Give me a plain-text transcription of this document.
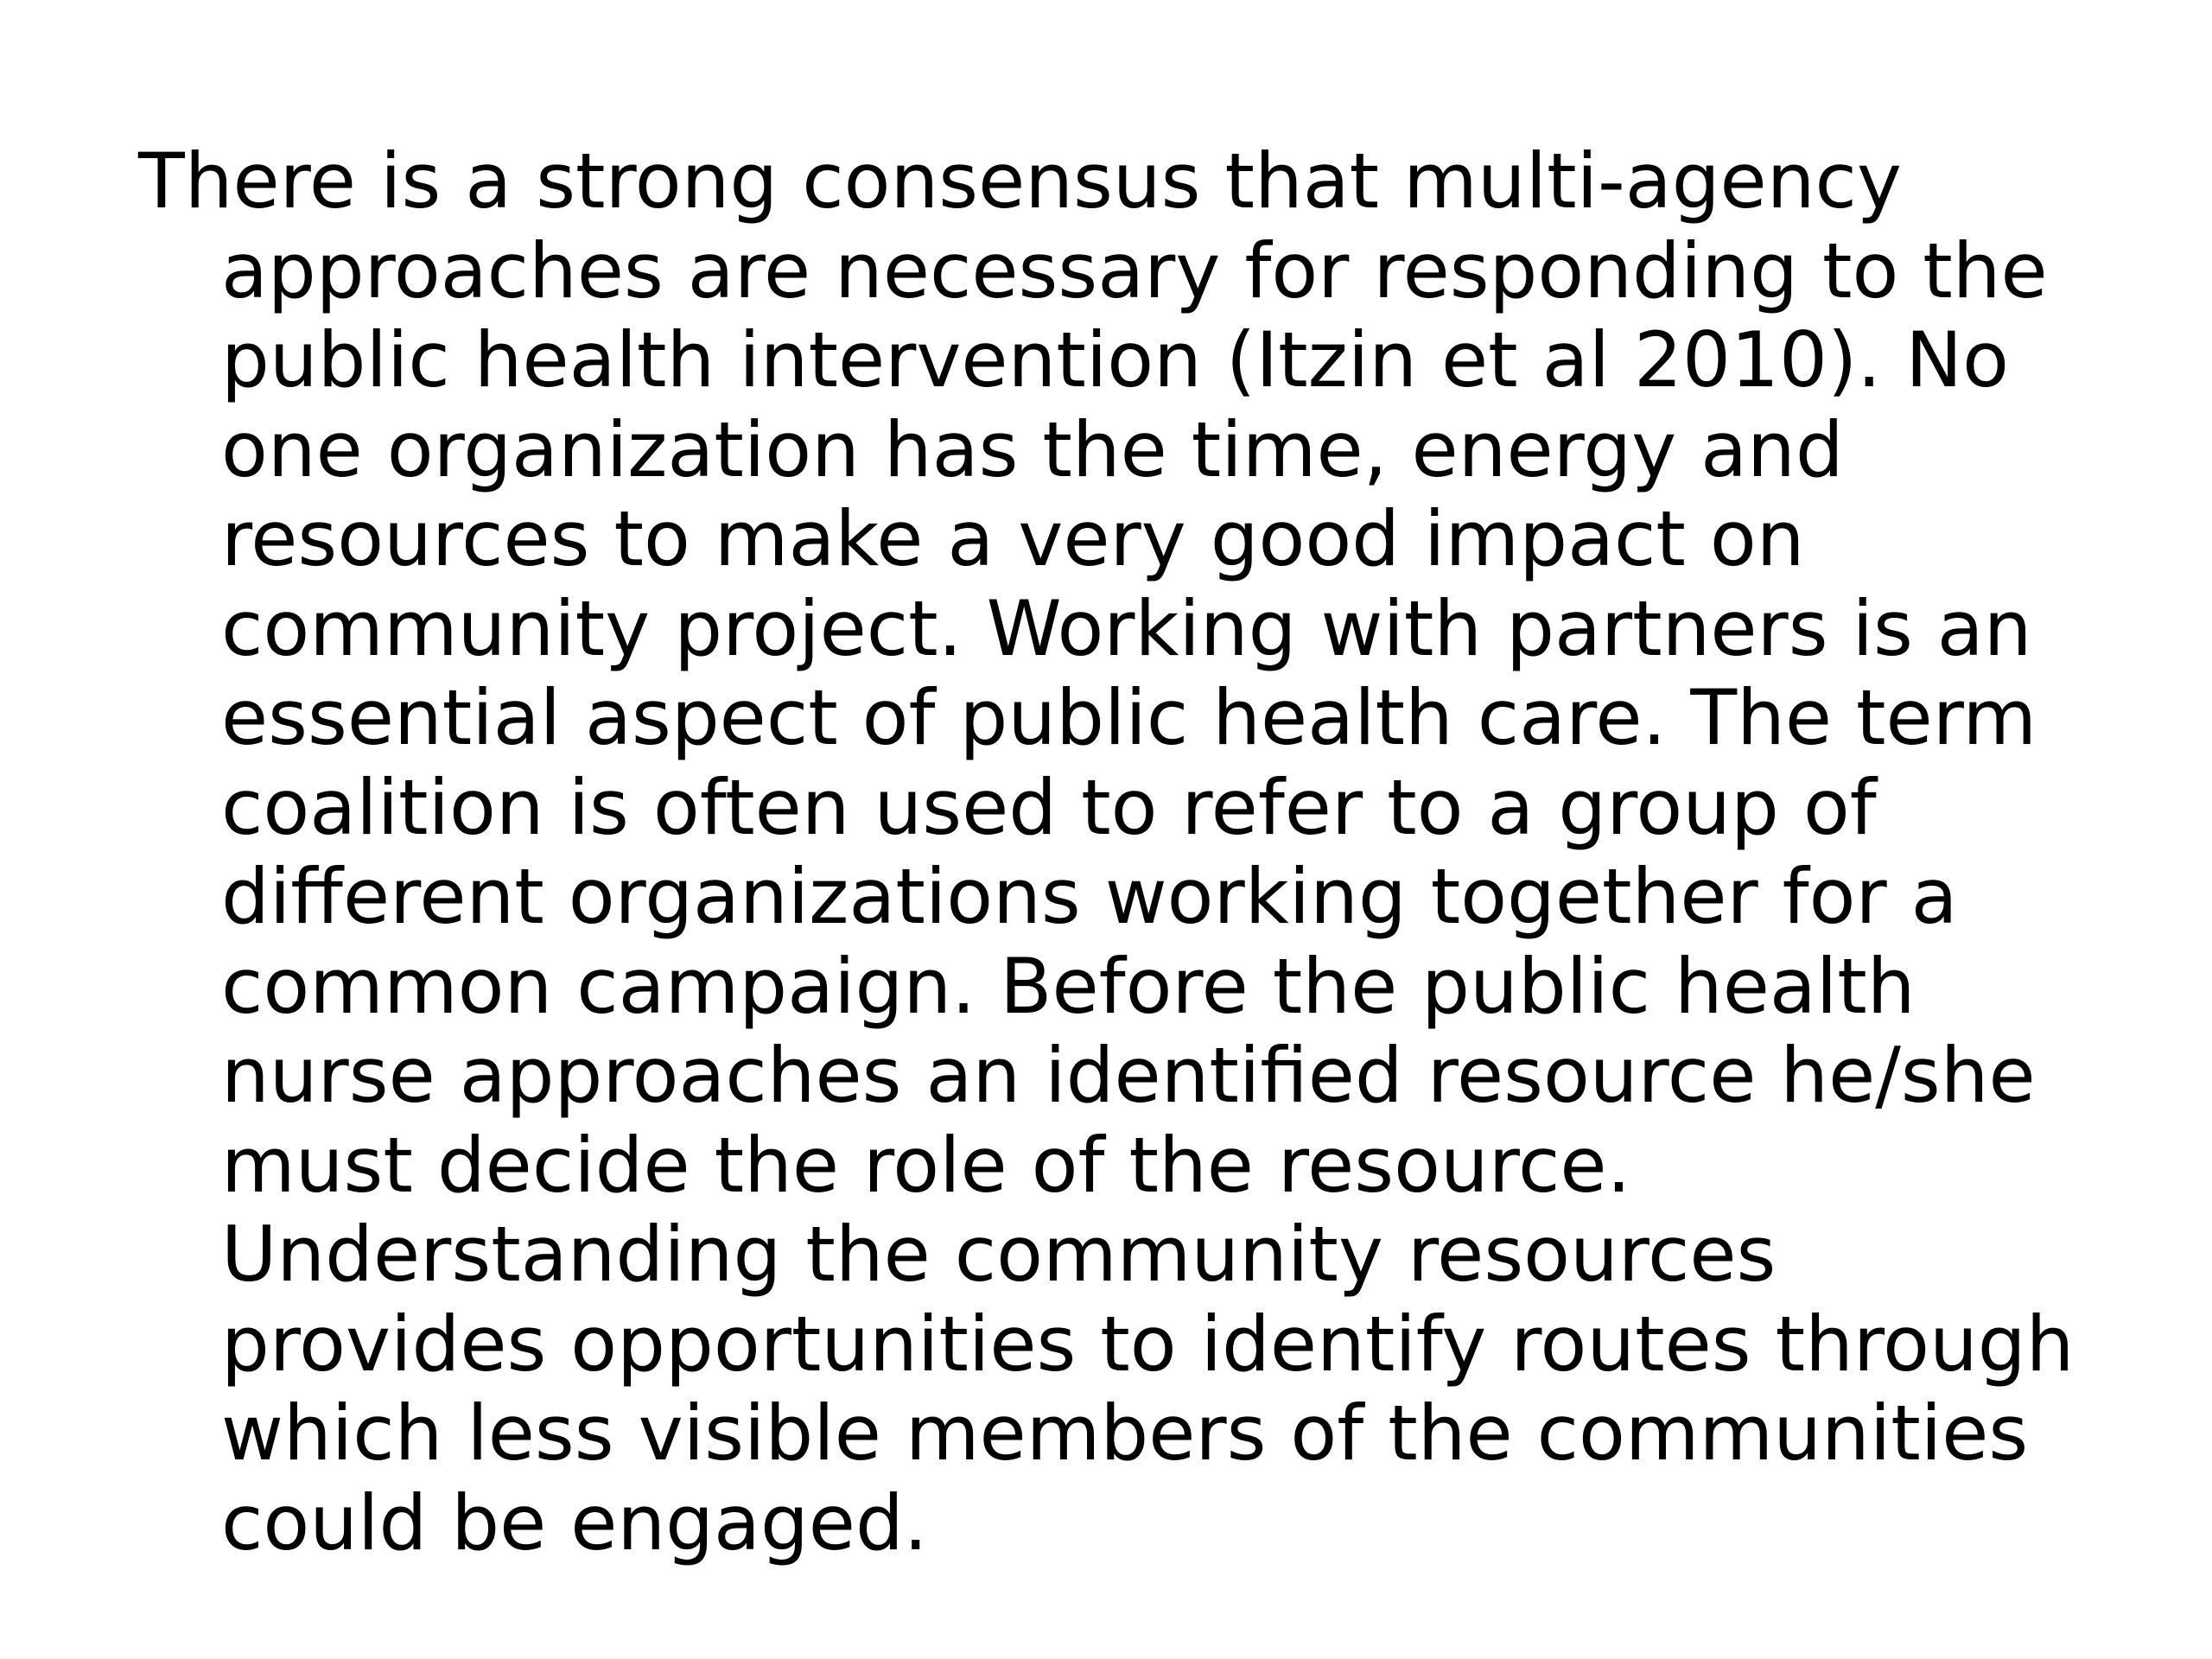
There is a strong consensus that multi-agency
approaches are necessary for responding to the
public health intervention (Itzin et al 2010). No
one organization has the time, energy and
resources to make a very good impact on
community project. Working with partners is an
essential aspect of public health care. The term
coalition is often used to refer to a group of
different organizations working together for a
common campaign. Before the public health
nurse approaches an identified resource he/she
must decide the role of the resource.
Understanding the community resources
provides opportunities to identify routes through
which less visible members of the communities
could be engaged.
